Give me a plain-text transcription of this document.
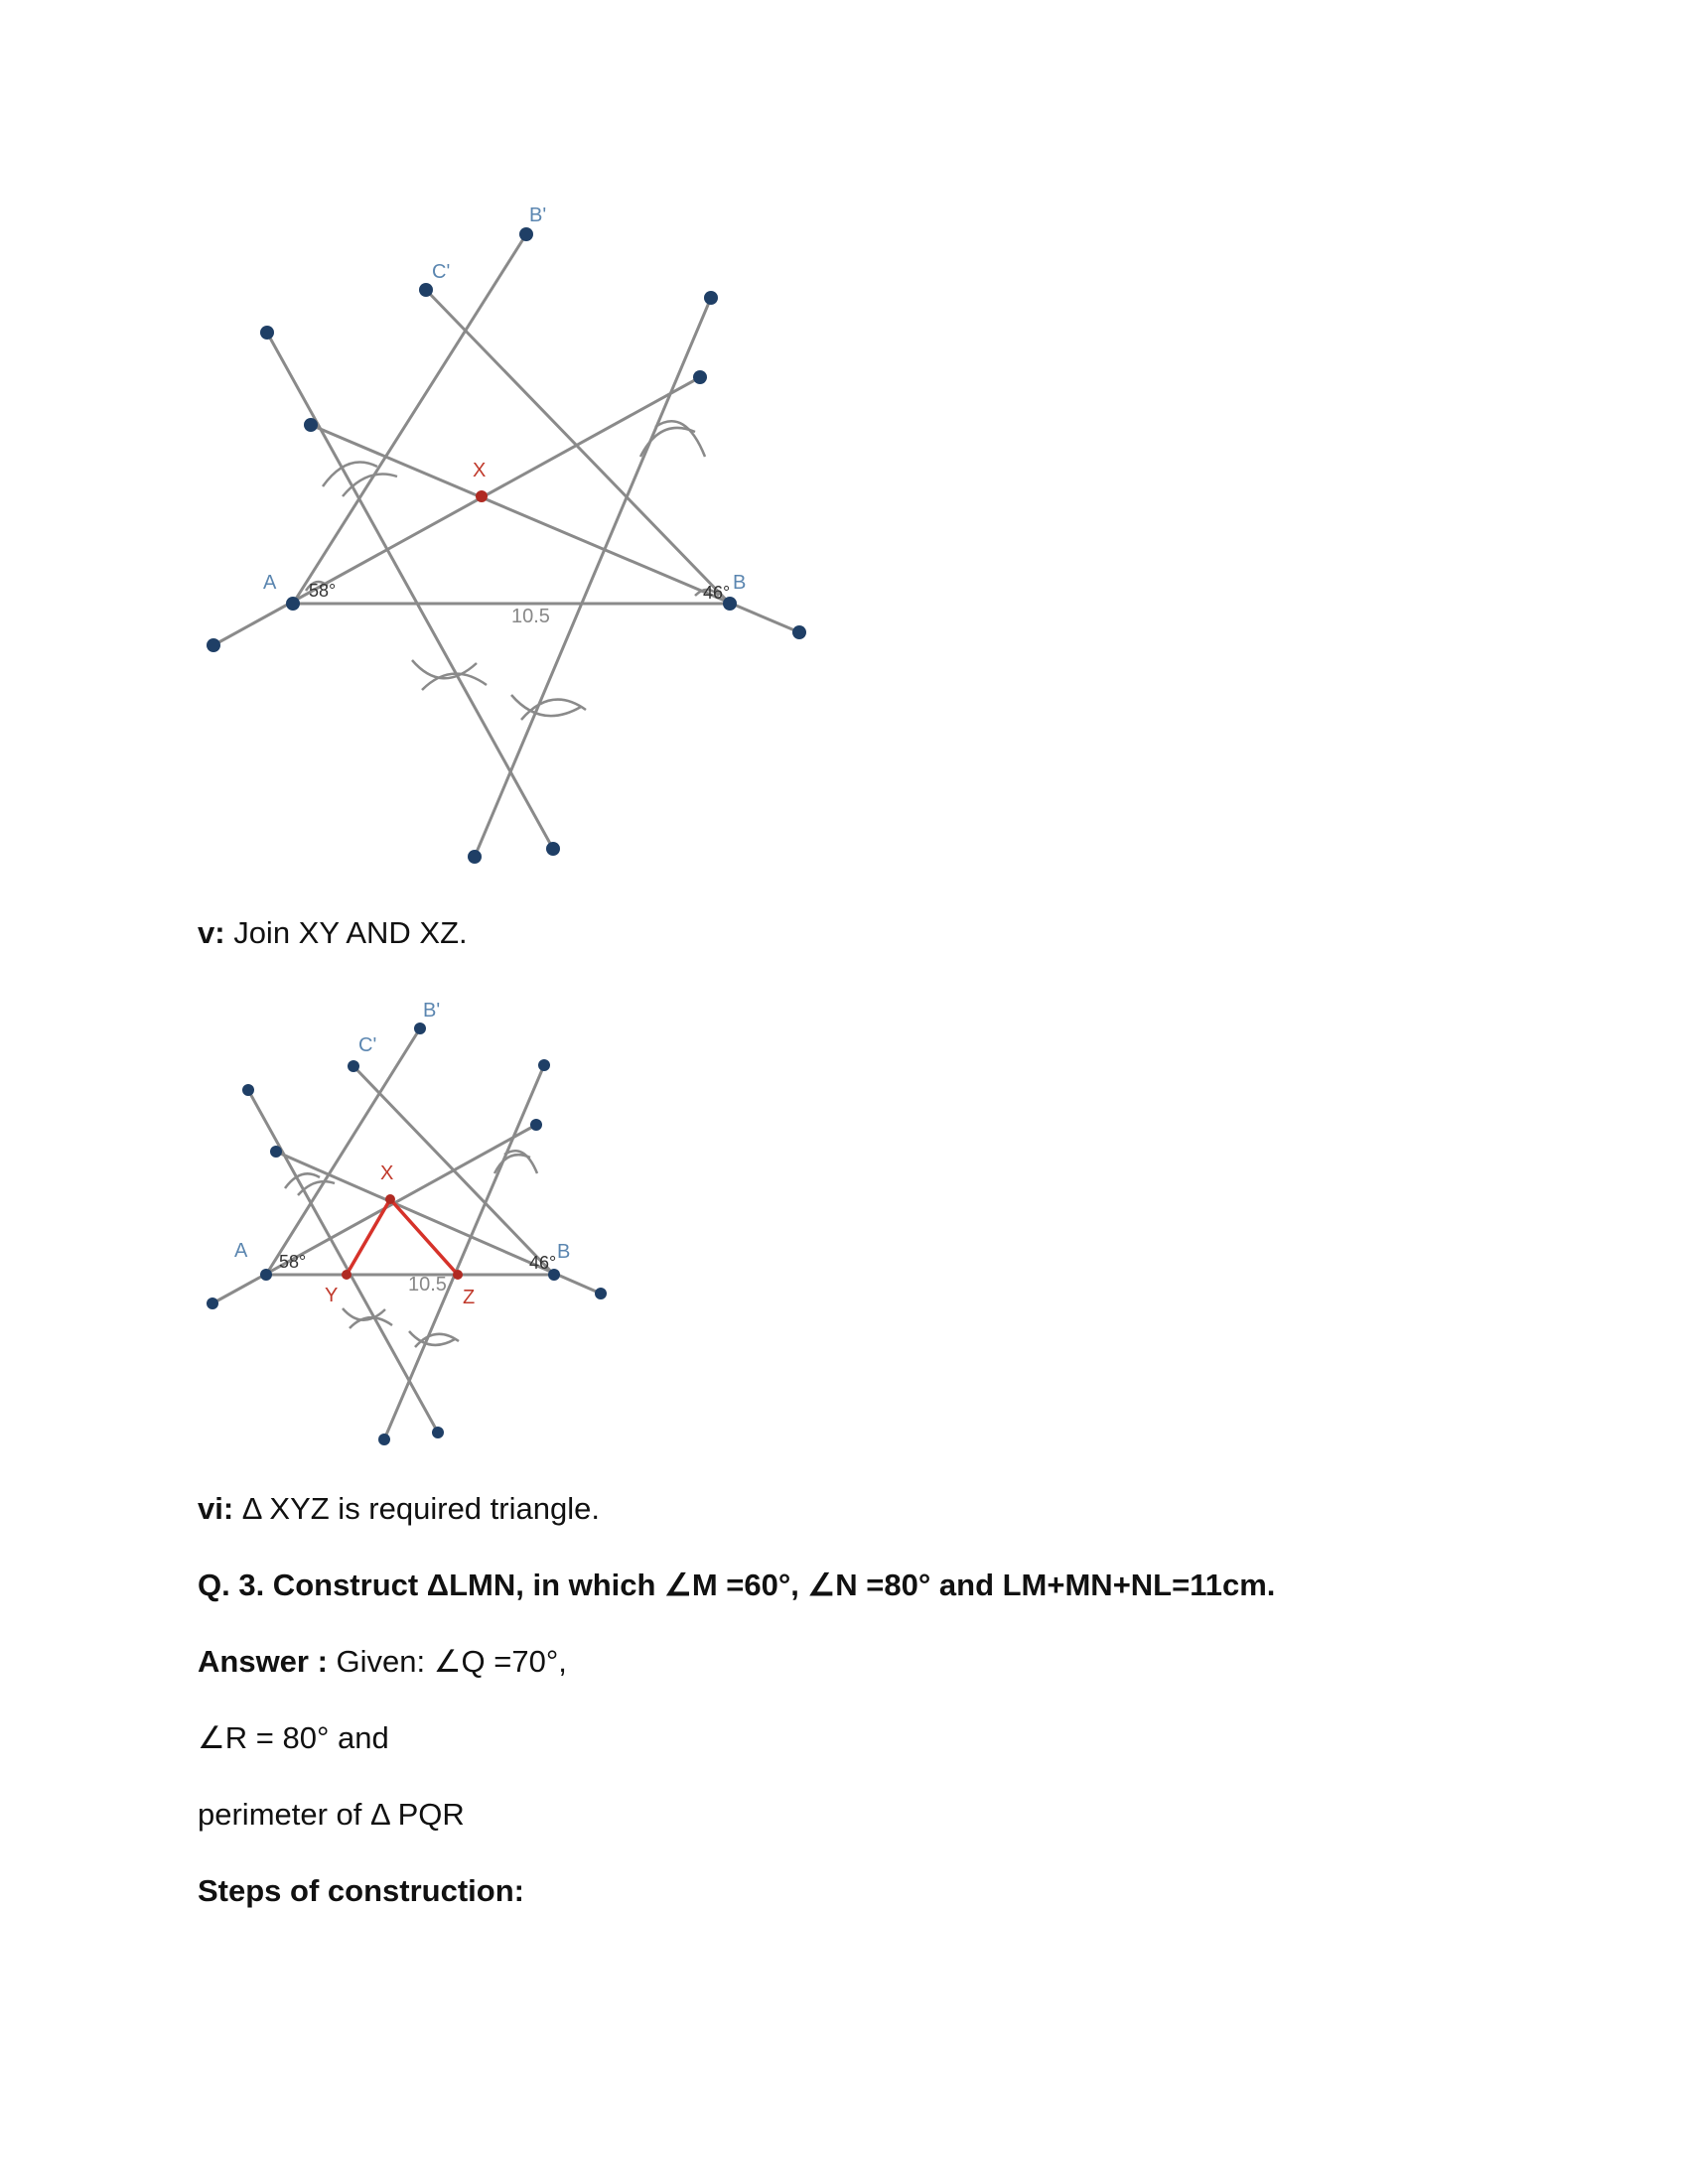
B'
C'
X
A	B
58°	46°
10.5
v: Join XY AND XZ.
B'
C'
X
A	B
Y	Z
58°	46°
10.5
vi: Δ XYZ is required triangle.
Q. 3. Construct ΔLMN, in which ∠M =60°, ∠N =80° and LM+MN+NL=11cm.
Answer : Given: ∠Q =70°,
∠R = 80° and
perimeter of Δ PQR
Steps of construction:
